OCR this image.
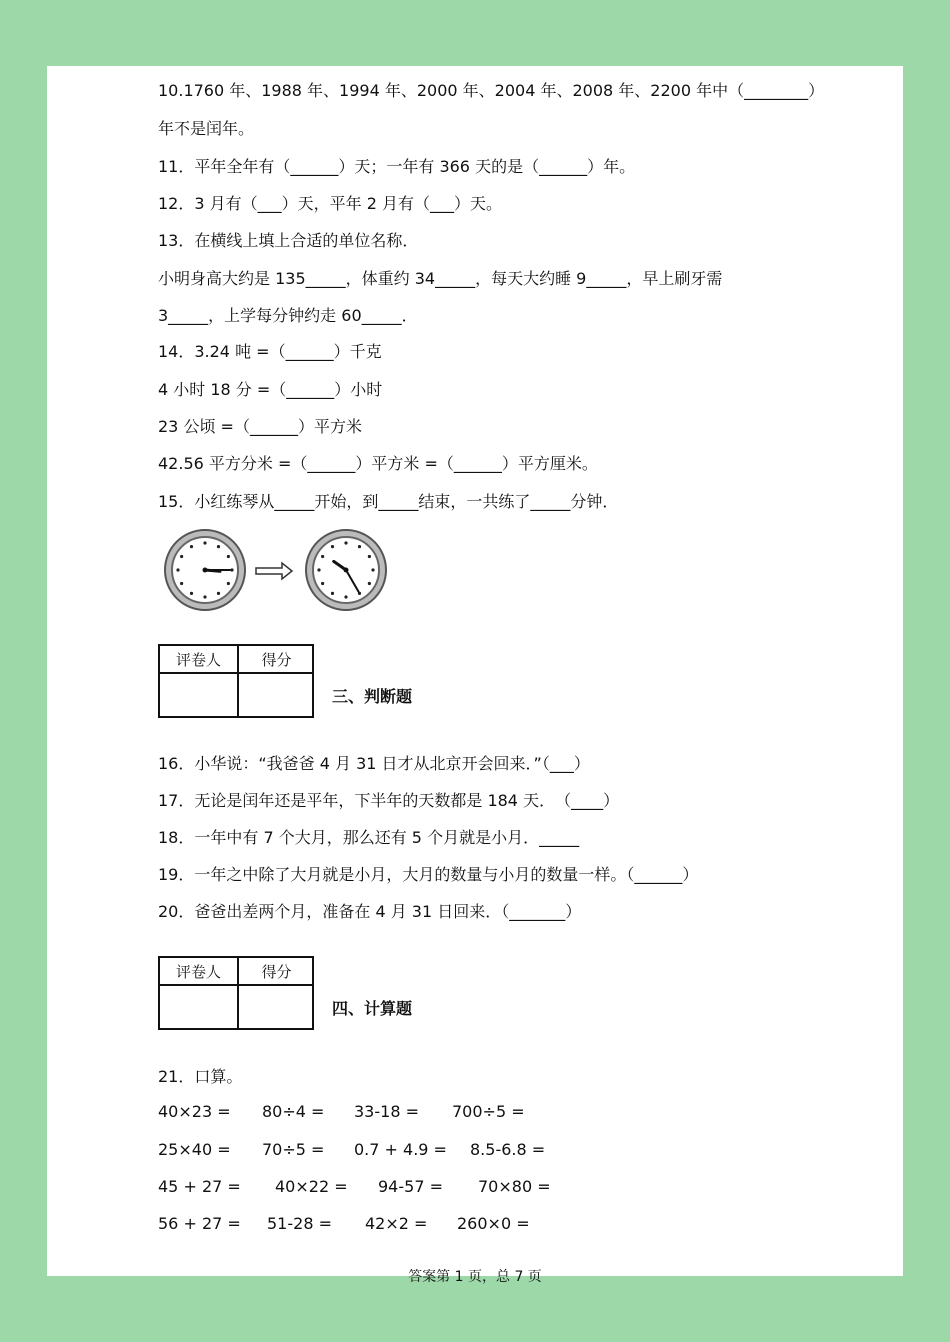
10.1760 年、1988 年、1994 年、2000 年、2004 年、2008 年、2200 年中（________）
年不是闰年。
11．平年全年有（______）天；一年有 366 天的是（______）年。
12．3 月有（___）天，平年 2 月有（___）天。
13．在横线上填上合适的单位名称．
小明身高大约是 135_____，体重约 34_____，每天大约睡 9_____，早上刷牙需
3_____，上学每分钟约走 60_____．
14．3.24 吨 =（______）千克
4 小时 18 分 =（______）小时
23 公顷 =（______）平方米
42.56 平方分米 =（______）平方米 =（______）平方厘米。
15．小红练琴从_____开始，到_____结束，一共练了_____分钟．
评卷人	得分
三、判断题
16．小华说：“我爸爸 4 月 31 日才从北京开会回来．”（___）
17．无论是闰年还是平年，下半年的天数都是 184 天．　（____）
18．一年中有 7 个大月，那么还有 5 个月就是小月．_____
19．一年之中除了大月就是小月，大月的数量与小月的数量一样。（______）
20．爸爸出差两个月，准备在 4 月 31 日回来．（_______）
评卷人	得分
四、计算题
21．口算。
40×23 = 80÷4 = 33-18 = 700÷5 =
25×40 = 70÷5 = 0.7 + 4.9 = 8.5-6.8 =
45 + 27 = 40×22 = 94-57 = 70×80 =
56 + 27 = 51-28 = 42×2 = 260×0 =
答案第 1 页，总 7 页
